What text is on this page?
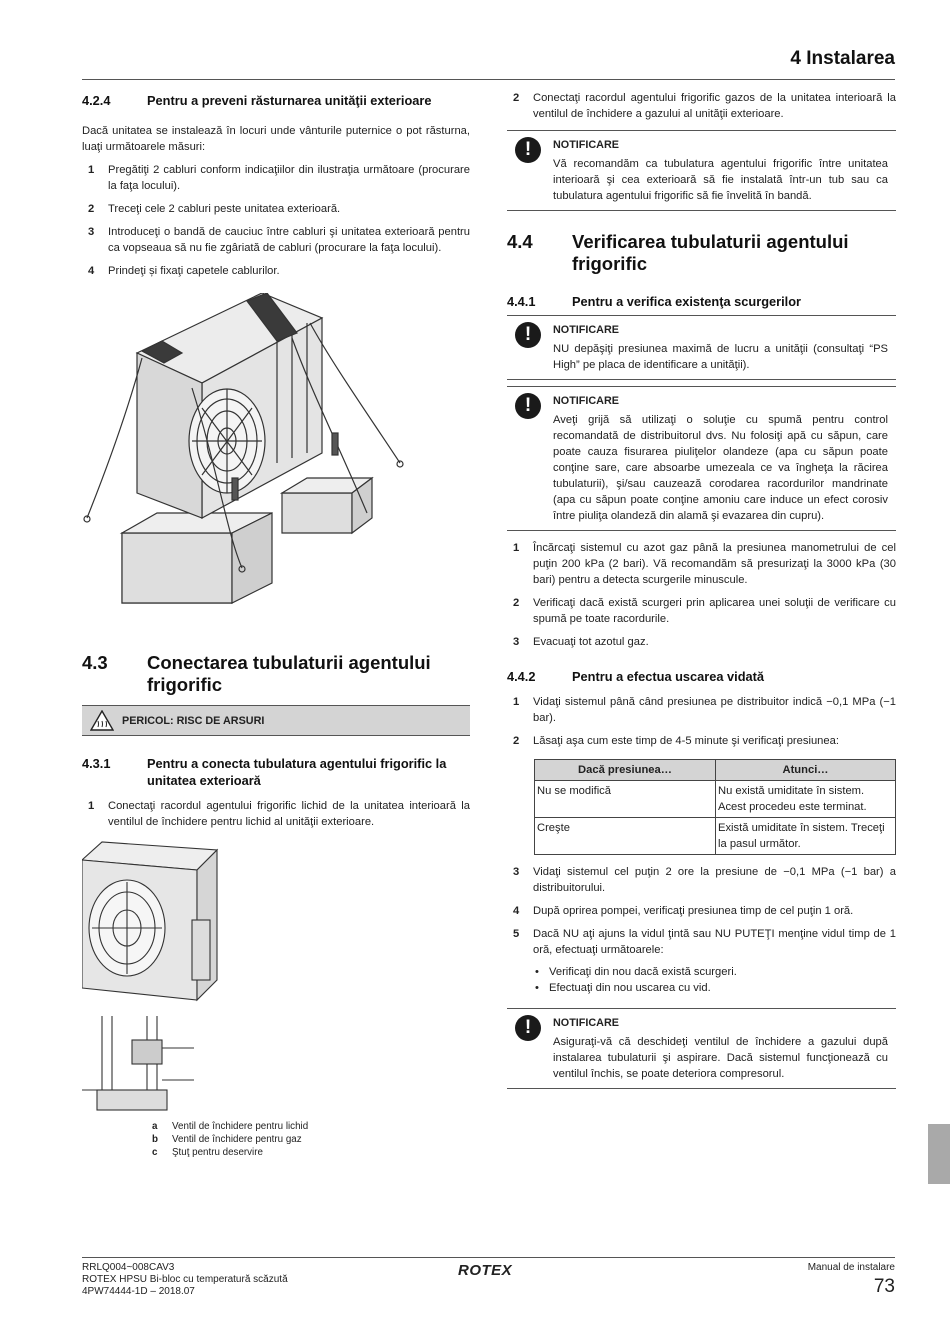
4 Instalarea
4.2.4	Pentru a preveni răsturnarea unităţii exterioare

Dacă unitatea se instalează în locuri unde vânturile puternice o pot răsturna, luaţi următoarele măsuri:

1	Pregătiţi 2 cabluri conform indicaţiilor din ilustraţia următoare (procurare la faţa locului).
2	Treceţi cele 2 cabluri peste unitatea exterioară.
3	Introduceţi o bandă de cauciuc între cabluri şi unitatea exterioară pentru ca vopseaua să nu fie zgâriată de cabluri (procurare la faţa locului).
4	Prindeţi și fixaţi capetele cablurilor.
4.3	Conectarea tubulaturii agentului frigorific
PERICOL: RISC DE ARSURI
4.3.1	Pentru a conecta tubulatura agentului frigorific la unitatea exterioară
1	Conectaţi racordul agentului frigorific lichid de la unitatea interioară la ventilul de închidere pentru lichid al unităţii exterioare.
a	Ventil de închidere pentru lichid
b	Ventil de închidere pentru gaz
c	Ştuţ pentru deservire
2	Conectaţi racordul agentului frigorific gazos de la unitatea interioară la ventilul de închidere a gazului al unităţii exterioare.
!	NOTIFICARE
Vă recomandăm ca tubulatura agentului frigorific între unitatea interioară şi cea exterioară să fie instalată într-un tub sau ca tubulatura agentului frigorific să fie învelită în bandă.
4.4	Verificarea tubulaturii agentului frigorific
4.4.1	Pentru a verifica existenţa scurgerilor
!	NOTIFICARE
NU depăşiţi presiunea maximă de lucru a unităţii (consultaţi “PS High” pe placa de identificare a unităţii).
!	NOTIFICARE
Aveţi grijă să utilizaţi o soluţie cu spumă pentru control recomandată de distribuitorul dvs. Nu folosiţi apă cu săpun, care poate cauza fisurarea piuliţelor olandeze (apa cu săpun poate conţine sare, care absoarbe umezeala ce va îngheţa la răcirea tubulaturii), şi/sau cauzează corodarea racordurilor mandrinate (apa cu săpun poate conţine amoniu care induce un efect corosiv între piuliţa olandeză din alamă şi evazarea din cupru).
1	Încărcaţi sistemul cu azot gaz până la presiunea manometrului de cel puţin 200 kPa (2 bari). Vă recomandăm să presurizaţi la 3000 kPa (30 bari) pentru a detecta scurgerile minuscule.
2	Verificaţi dacă există scurgeri prin aplicarea unei soluţii de verificare cu spumă pe toate racordurile.
3	Evacuaţi tot azotul gaz.
4.4.2	Pentru a efectua uscarea vidată
1	Vidaţi sistemul până când presiunea pe distribuitor indică −0,1 MPa (−1 bar).
2	Lăsaţi aşa cum este timp de 4-5 minute şi verificaţi presiunea:
Dacă presiunea…	Atunci…
Nu se modifică	Nu există umiditate în sistem. Acest procedeu este terminat.
Creşte	Există umiditate în sistem. Treceţi la pasul următor.
3	Vidaţi sistemul cel puţin 2 ore la presiune de −0,1 MPa (−1 bar) a distribuitorului.
4	După oprirea pompei, verificaţi presiunea timp de cel puţin 1 oră.
5	Dacă NU aţi ajuns la vidul ţintă sau NU PUTEŢI menţine vidul timp de 1 oră, efectuaţi următoarele:
• Verificaţi din nou dacă există scurgeri.
• Efectuaţi din nou uscarea cu vid.
!	NOTIFICARE
Asiguraţi-vă că deschideţi ventilul de închidere a gazului după instalarea tubulaturii şi aspirare. Dacă sistemul funcţionează cu ventilul închis, se poate deteriora compresorul.
RRLQ004~008CAV3
ROTEX HPSU Bi-bloc cu temperatură scăzută
4PW74444-1D – 2018.07
ROTEX	Manual de instalare
73
